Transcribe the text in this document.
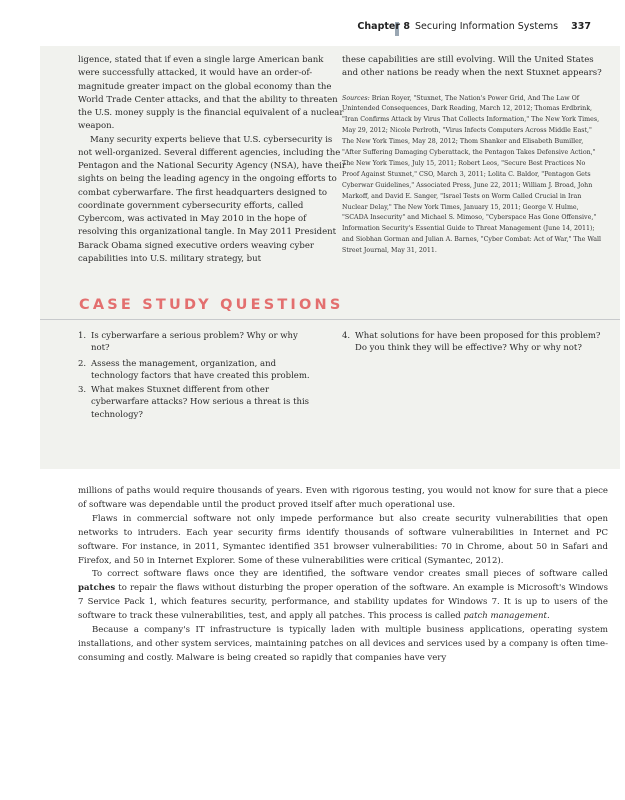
Chapter 8 Securing Information Systems 337
ligence, stated that if even a single large American bank were successfully attacked, it would have an order-of-magnitude greater impact on the global economy than the World Trade Center attacks, and that the ability to threaten the U.S. money supply is the financial equivalent of a nuclear weapon.
Many security experts believe that U.S. cybersecurity is not well-organized. Several different agencies, including the Pentagon and the National Security Agency (NSA), have their sights on being the leading agency in the ongoing efforts to combat cyberwarfare. The first headquarters designed to coordinate government cybersecurity efforts, called Cybercom, was activated in May 2010 in the hope of resolving this organizational tangle. In May 2011 President Barack Obama signed executive orders weaving cyber capabilities into U.S. military strategy, but

these capabilities are still evolving. Will the United States and other nations be ready when the next Stuxnet appears?

Sources: Brian Royer, "Stuxnet, The Nation's Power Grid, And The Law Of Unintended Consequences, Dark Reading, March 12, 2012; Thomas Erdbrink, "Iran Confirms Attack by Virus That Collects Information," The New York Times, May 29, 2012; Nicole Perlroth, "Virus Infects Computers Across Middle East," The New York Times, May 28, 2012; Thom Shanker and Elisabeth Bumiller, "After Suffering Damaging Cyberattack, the Pentagon Takes Defensive Action," The New York Times, July 15, 2011; Robert Leos, "Secure Best Practices No Proof Against Stuxnet," CSO, March 3, 2011; Lolita C. Baldor, "Pentagon Gets Cyberwar Guidelines," Associated Press, June 22, 2011; William J. Broad, John Markoff, and David E. Sanger, "Israel Tests on Worm Called Crucial in Iran Nuclear Delay," The New York Times, January 15, 2011; George V. Hulme, "SCADA Insecurity" and Michael S. Mimoso, "Cyberspace Has Gone Offensive," Information Security's Essential Guide to Threat Management (June 14, 2011); and Siobhan Gorman and Julian A. Barnes, "Cyber Combat: Act of War," The Wall Street Journal, May 31, 2011.
CASE STUDY QUESTIONS
1. Is cyberwarfare a serious problem? Why or why not?
2. Assess the management, organization, and technology factors that have created this problem.
3. What makes Stuxnet different from other cyberwarfare attacks? How serious a threat is this technology?
4. What solutions for have been proposed for this problem? Do you think they will be effective? Why or why not?

millions of paths would require thousands of years. Even with rigorous testing, you would not know for sure that a piece of software was dependable until the product proved itself after much operational use.

Flaws in commercial software not only impede performance but also create security vulnerabilities that open networks to intruders. Each year security firms identify thousands of software vulnerabilities in Internet and PC software. For instance, in 2011, Symantec identified 351 browser vulnerabilities: 70 in Chrome, about 50 in Safari and Firefox, and 50 in Internet Explorer. Some of these vulnerabilities were critical (Symantec, 2012).

To correct software flaws once they are identified, the software vendor creates small pieces of software called patches to repair the flaws without disturbing the proper operation of the software. An example is Microsoft's Windows 7 Service Pack 1, which features security, performance, and stability updates for Windows 7. It is up to users of the software to track these vulnerabilities, test, and apply all patches. This process is called patch management.

Because a company's IT infrastructure is typically laden with multiple business applications, operating system installations, and other system services, maintaining patches on all devices and services used by a company is often time-consuming and costly. Malware is being created so rapidly that companies have very
